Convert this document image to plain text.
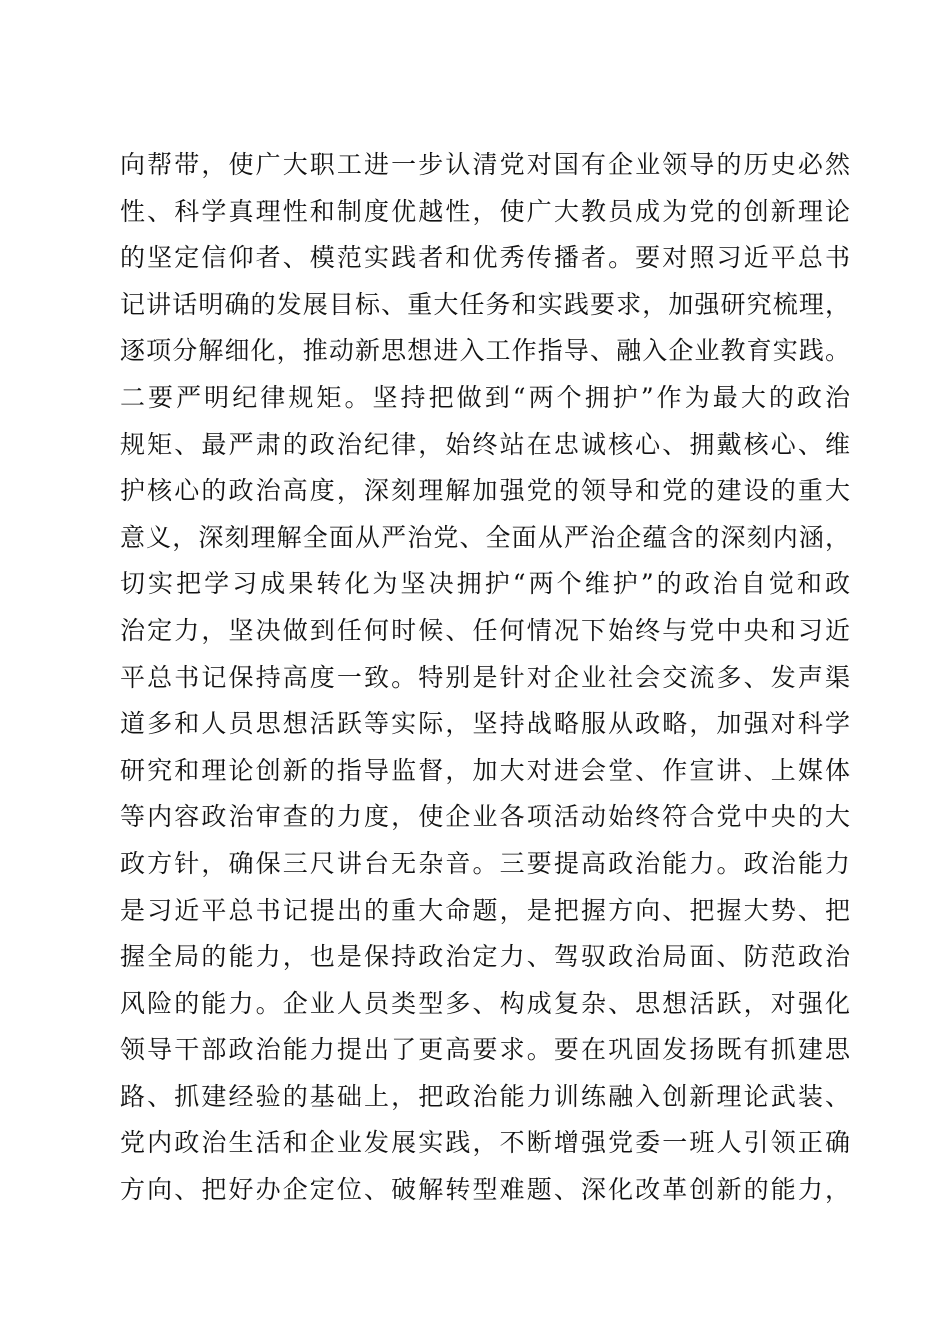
向帮带，使广大职工进一步认清党对国有企业领导的历史必然
性、科学真理性和制度优越性，使广大教员成为党的创新理论
的坚定信仰者、模范实践者和优秀传播者。要对照习近平总书
记讲话明确的发展目标、重大任务和实践要求，加强研究梳理，
逐项分解细化，推动新思想进入工作指导、融入企业教育实践。
二要严明纪律规矩。坚持把做到“两个拥护”作为最大的政治
规矩、最严肃的政治纪律，始终站在忠诚核心、拥戴核心、维
护核心的政治高度，深刻理解加强党的领导和党的建设的重大
意义，深刻理解全面从严治党、全面从严治企蕴含的深刻内涵，
切实把学习成果转化为坚决拥护“两个维护”的政治自觉和政
治定力，坚决做到任何时候、任何情况下始终与党中央和习近
平总书记保持高度一致。特别是针对企业社会交流多、发声渠
道多和人员思想活跃等实际，坚持战略服从政略，加强对科学
研究和理论创新的指导监督，加大对进会堂、作宣讲、上媒体
等内容政治审查的力度，使企业各项活动始终符合党中央的大
政方针，确保三尺讲台无杂音。三要提高政治能力。政治能力
是习近平总书记提出的重大命题，是把握方向、把握大势、把
握全局的能力，也是保持政治定力、驾驭政治局面、防范政治
风险的能力。企业人员类型多、构成复杂、思想活跃，对强化
领导干部政治能力提出了更高要求。要在巩固发扬既有抓建思
路、抓建经验的基础上，把政治能力训练融入创新理论武装、
党内政治生活和企业发展实践，不断增强党委一班人引领正确
方向、把好办企定位、破解转型难题、深化改革创新的能力，
